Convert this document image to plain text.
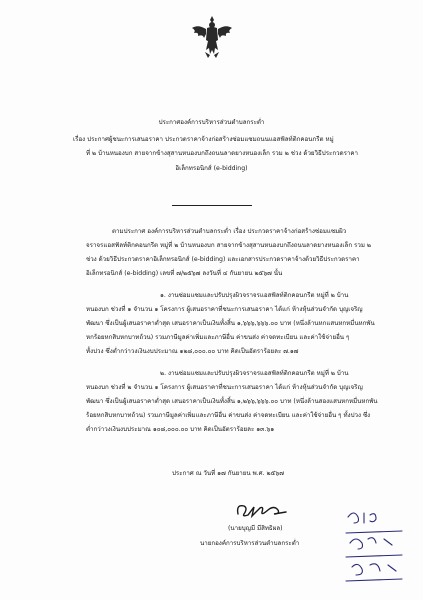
ประกาศองค์การบริหารส่วนตำบลกระต่ำ
เรื่อง ประกาศผู้ชนะการเสนอราคา ประกวดราคาจ้างก่อสร้างซ่อมแซมถนนแอสฟัลท์ติกคอนกรีต หมู่
ที่ ๒ บ้านหนองบก สายจากข้างสุสานหนองบกถึงถนนลาดยางหนองเล็ก รวม ๒ ช่วง ด้วยวิธีประกวดราคา
อิเล็กทรอนิกส์ (e-bidding)
ตามประกาศ องค์การบริหารส่วนตำบลกระต่ำ เรื่อง ประกวดราคาจ้างก่อสร้างซ่อมแซมผิว
จราจรแอสฟัลท์ติกคอนกรีต หมู่ที่ ๒ บ้านหนองบก สายจากข้างสุสานหนองบกถึงถนนลาดยางหนองเล็ก รวม ๒
ช่วง ด้วยวิธีประกวดราคาอิเล็กทรอนิกส์ (e-bidding) และเอกสารประกวดราคาจ้างด้วยวิธีประกวดราคา
อิเล็กทรอนิกส์ (e-bidding) เลขที่ ๗/๒๕๖๗ ลงวันที่ ๔ กันยายน ๒๕๖๗ นั้น
๑. งานซ่อมแซมและปรับปรุงผิวจราจรแอสฟัลท์ติกคอนกรีต หมู่ที่ ๒ บ้าน
หนองบก ช่วงที่ ๑ จำนวน ๑ โครงการ ผู้เสนอราคาที่ชนะการเสนอราคา ได้แก่ ห้างหุ้นส่วนจำกัด บุญเจริญ
พัฒนา ซึ่งเป็นผู้เสนอราคาต่ำสุด เสนอราคาเป็นเงินทั้งสิ้น ๑,๖๖๖,๖๖๖.๐๐ บาท (หนึ่งล้านหกแสนหกหมื่นหกพัน
หกร้อยหกสิบหกบาทถ้วน) รวมภาษีมูลค่าเพิ่มและภาษีอื่น ค่าขนส่ง ค่าจดทะเบียน และค่าใช้จ่ายอื่น ๆ
ทั้งปวง ซึ่งต่ำกว่าวงเงินงบประมาณ ๑๒๘,๐๐๐.๐๐ บาท คิดเป็นอัตราร้อยละ ๗.๑๗
๒. งานซ่อมแซมและปรับปรุงผิวจราจรแอสฟัลท์ติกคอนกรีต หมู่ที่ ๒ บ้าน
หนองบก ช่วงที่ ๒ จำนวน ๑ โครงการ ผู้เสนอราคาที่ชนะการเสนอราคา ได้แก่ ห้างหุ้นส่วนจำกัด บุญเจริญ
พัฒนา ซึ่งเป็นผู้เสนอราคาต่ำสุด เสนอราคาเป็นเงินทั้งสิ้น ๑,๒๖๖,๖๖๖.๐๐ บาท (หนึ่งล้านสองแสนหกหมื่นหกพัน
ร้อยหกสิบหกบาทถ้วน) รวมภาษีมูลค่าเพิ่มและภาษีอื่น ค่าขนส่ง ค่าจดทะเบียน และค่าใช้จ่ายอื่น ๆ ทั้งปวง ซึ่ง
ต่ำกว่าวงเงินงบประมาณ ๑๐๘,๐๐๐.๐๐ บาท คิดเป็นอัตราร้อยละ ๑๓.๖๑
ประกาศ ณ วันที่ ๑๗ กันยายน พ.ศ. ๒๕๖๗
(นายบุญมี มีสิทธิผล)
นายกองค์การบริหารส่วนตำบลกระต่ำ
